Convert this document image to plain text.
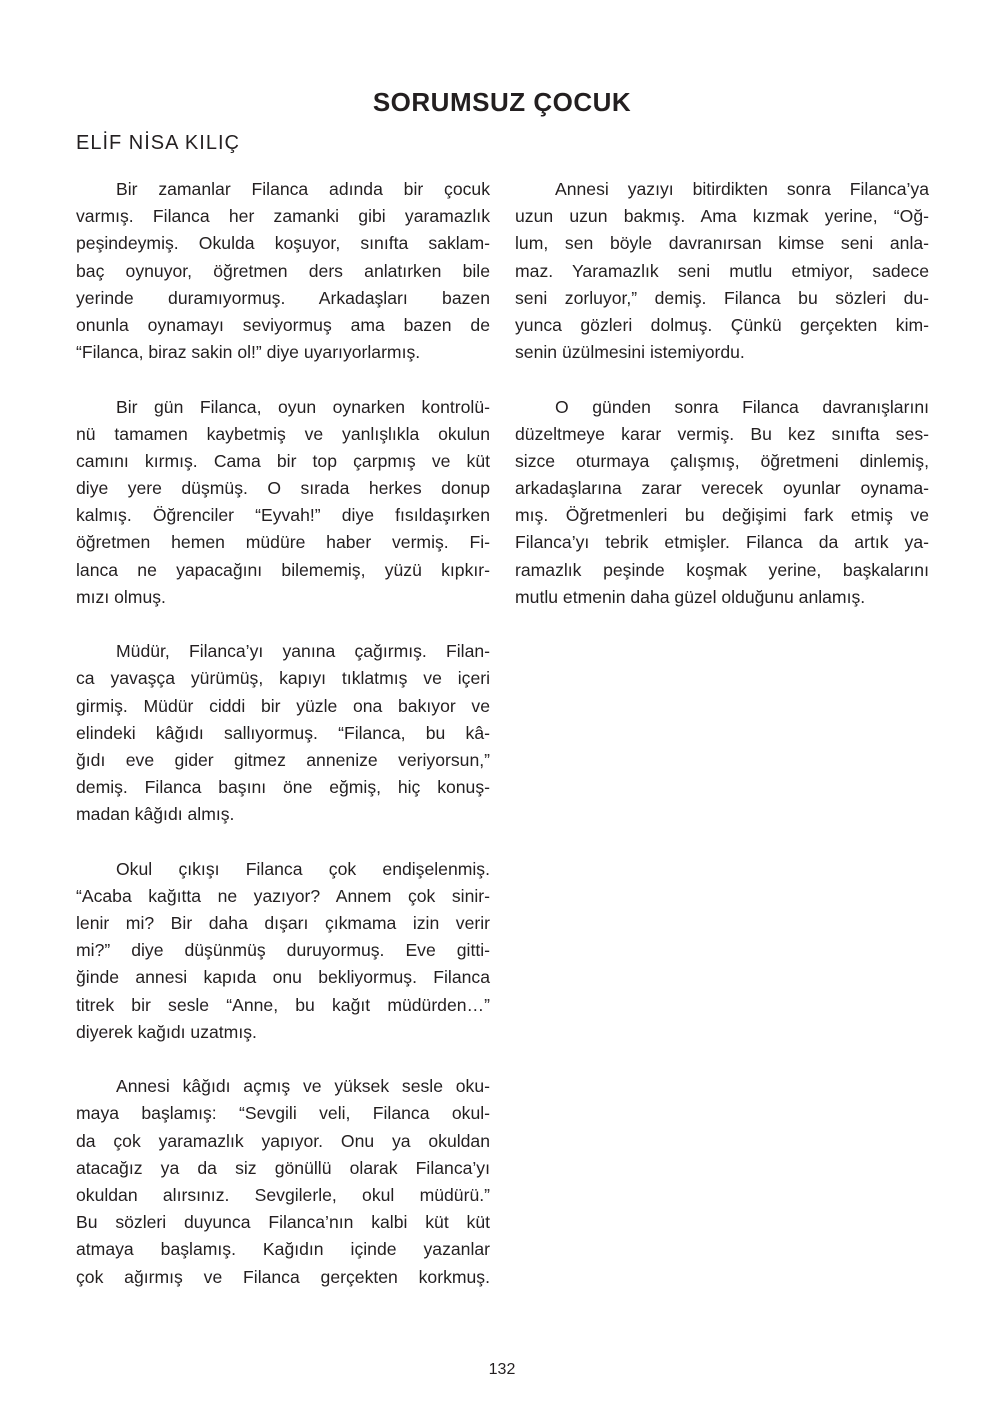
SORUMSUZ ÇOCUK
ELİF NİSA KILIÇ
Bir zamanlar Filanca adında bir çocuk
varmış. Filanca her zamanki gibi yaramazlık
peşindeymiş. Okulda koşuyor, sınıfta saklam-
baç oynuyor, öğretmen ders anlatırken bile
yerinde duramıyormuş. Arkadaşları bazen
onunla oynamayı seviyormuş ama bazen de
“Filanca, biraz sakin ol!” diye uyarıyorlarmış.
Bir gün Filanca, oyun oynarken kontrolü-
nü tamamen kaybetmiş ve yanlışlıkla okulun
camını kırmış. Cama bir top çarpmış ve küt
diye yere düşmüş. O sırada herkes donup
kalmış. Öğrenciler “Eyvah!” diye fısıldaşırken
öğretmen hemen müdüre haber vermiş. Fi-
lanca ne yapacağını bilememiş, yüzü kıpkır-
mızı olmuş.
Müdür, Filanca’yı yanına çağırmış. Filan-
ca yavaşça yürümüş, kapıyı tıklatmış ve içeri
girmiş. Müdür ciddi bir yüzle ona bakıyor ve
elindeki kâğıdı sallıyormuş. “Filanca, bu kâ-
ğıdı eve gider gitmez annenize veriyorsun,”
demiş. Filanca başını öne eğmiş, hiç konuş-
madan kâğıdı almış.
Okul çıkışı Filanca çok endişelenmiş.
“Acaba kağıtta ne yazıyor? Annem çok sinir-
lenir mi? Bir daha dışarı çıkmama izin verir
mi?” diye düşünmüş duruyormuş. Eve gitti-
ğinde annesi kapıda onu bekliyormuş. Filanca
titrek bir sesle “Anne, bu kağıt müdürden…”
diyerek kağıdı uzatmış.
Annesi kâğıdı açmış ve yüksek sesle oku-
maya başlamış: “Sevgili veli, Filanca okul-
da çok yaramazlık yapıyor. Onu ya okuldan
atacağız ya da siz gönüllü olarak Filanca’yı
okuldan alırsınız. Sevgilerle, okul müdürü.”
Bu sözleri duyunca Filanca’nın kalbi küt küt
atmaya başlamış. Kağıdın içinde yazanlar
çok ağırmış ve Filanca gerçekten korkmuş.
Annesi yazıyı bitirdikten sonra Filanca’ya
uzun uzun bakmış. Ama kızmak yerine, “Oğ-
lum, sen böyle davranırsan kimse seni anla-
maz. Yaramazlık seni mutlu etmiyor, sadece
seni zorluyor,” demiş. Filanca bu sözleri du-
yunca gözleri dolmuş. Çünkü gerçekten kim-
senin üzülmesini istemiyordu.
O günden sonra Filanca davranışlarını
düzeltmeye karar vermiş. Bu kez sınıfta ses-
sizce oturmaya çalışmış, öğretmeni dinlemiş,
arkadaşlarına zarar verecek oyunlar oynama-
mış. Öğretmenleri bu değişimi fark etmiş ve
Filanca’yı tebrik etmişler. Filanca da artık ya-
ramazlık peşinde koşmak yerine, başkalarını
mutlu etmenin daha güzel olduğunu anlamış.
132
